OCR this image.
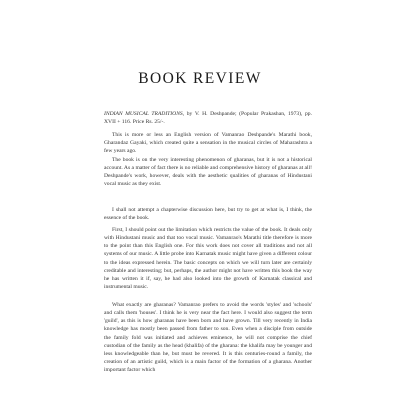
BOOK REVIEW
INDIAN MUSICAL TRADITIONS, by V. H. Deshpande; (Popular Prakashan, 1973), pp. XVII + 116. Price Rs. 25/-.

This is more or less an English version of Vamanrao Deshpande's Marathi book, Gharandaz Gayaki, which created quite a sensation in the musical circles of Maharashtra a few years ago.

The book is on the very interesting phenomenon of gharanas, but it is not a historical account. As a matter of fact there is no reliable and comprehensive history of gharanas at all! Deshpande's work, however, deals with the aesthetic qualities of gharanas of Hindustani vocal music as they exist.

I shall not attempt a chapterwise discussion here, but try to get at what is, I think, the essence of the book.

First, I should point out the limitation which restricts the value of the book. It deals only with Hindustani music and that too vocal music. Vamanrao's Marathi title therefore is more to the point than this English one. For this work does not cover all traditions and not all systems of our music. A little probe into Karnatak music might have given a different colour to the ideas expressed herein. The basic concepts on which we will turn later are certainly creditable and interesting; but, perhaps, the author might not have written this book the way he has written it if, say, he had also looked into the growth of Karnatak classical and instrumental music.

What exactly are gharanas? Vamanrao prefers to avoid the words 'styles' and 'schools' and calls them 'houses'. I think he is very near the fact here. I would also suggest the term 'guild', as this is how gharanas have been born and have grown. Till very recently in India knowledge has mostly been passed from father to son. Even when a disciple from outside the family fold was initiated and achieves eminence, he will not comprise the chief custodian of the family as the head (khalifa) of the gharana: the khalifa may be younger and less knowledgeable than he, but must be revered. It is this centuries-round a family, the creation of an artistic guild, which is a main factor of the formation of a gharana. Another important factor which
